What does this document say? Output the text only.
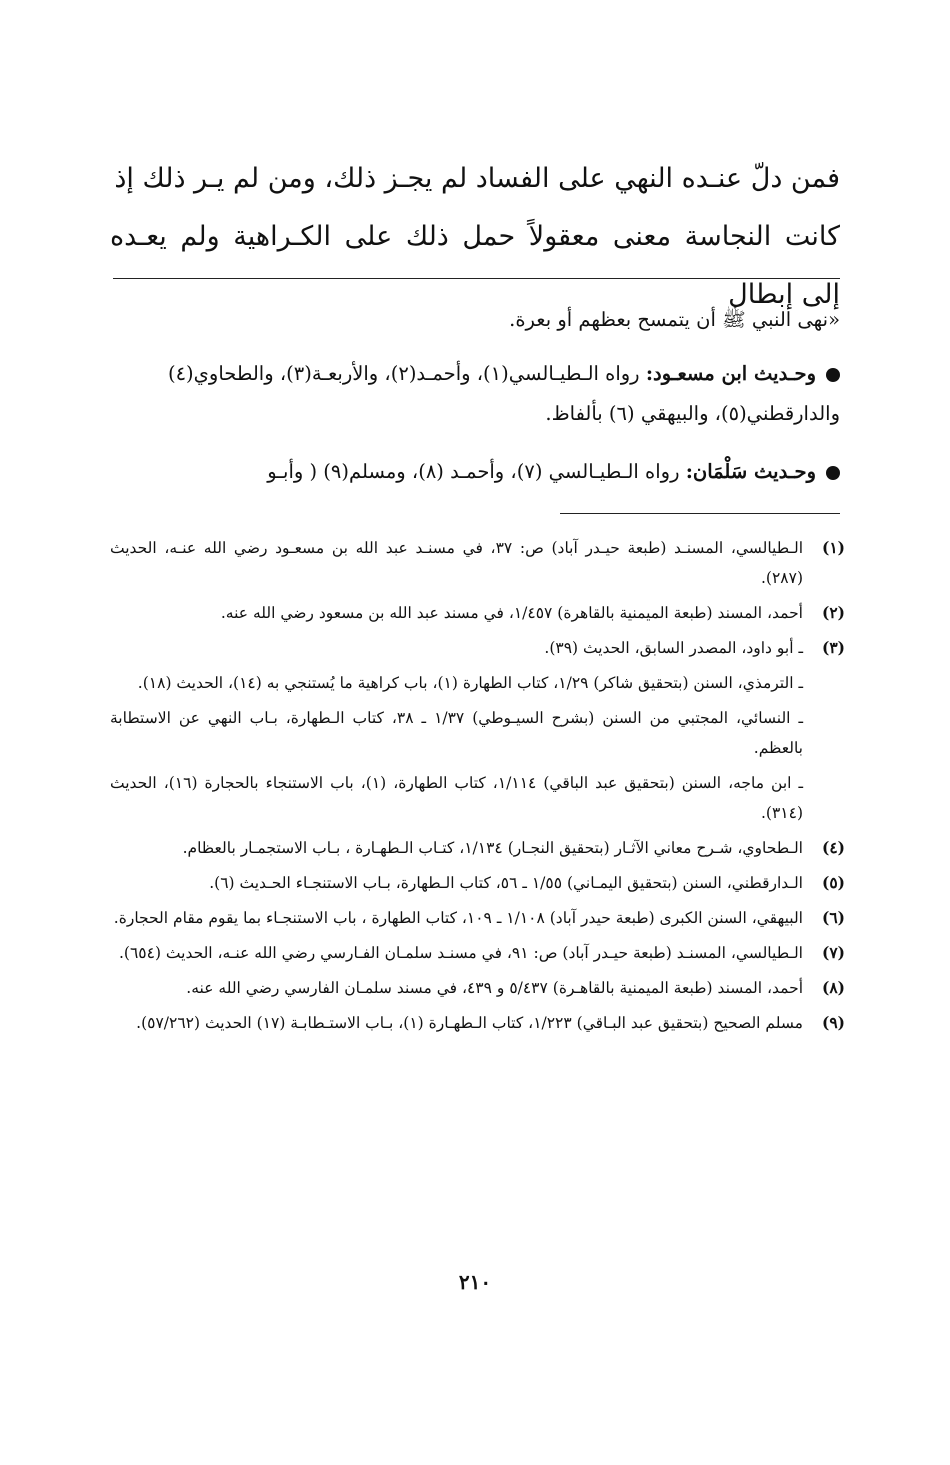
فمن دلّ عنـده النهي على الفساد لم يجـز ذلك، ومن لم يـر ذلك إذ

كانت النجاسة معنى معقولاً حمل ذلك على الكـراهية ولم يعـده إلى إبطال

«نهى النبي ﷺ أن يتمسح بعظهم أو بعرة.
وحـديث ابن مسعـود: رواه الـطيـالسي(١)، وأحمـد(٢)، والأربعـة(٣)، والطحاوي(٤) والدارقطني(٥)، والبيهقي (٦) بألفاظ.
وحـديث سَلْمَان: رواه الـطيـالسي (٧)، وأحمـد (٨)، ومسلم(٩) ( وأبـو
(١)
الـطيالسي، المسنـد (طبعة حيـدر آباد) ص: ٣٧، في مسنـد عبد الله بن مسعـود رضي الله عنـه، الحديث (٢٨٧).
(٢)
أحمد، المسند (طبعة الميمنية بالقاهرة) ١/٤٥٧، في مسند عبد الله بن مسعود رضي الله عنه.
(٣)
ـ أبو داود، المصدر السابق، الحديث (٣٩).
ـ الترمذي، السنن (بتحقيق شاكر) ١/٢٩، كتاب الطهارة (١)، باب كراهية ما يُستنجي به (١٤)، الحديث (١٨).
ـ النسائي، المجتبي من السنن (بشرح السيـوطي) ١/٣٧ ـ ٣٨، كتاب الـطهارة، بـاب النهي عن الاستطابة بالعظم.
ـ ابن ماجه، السنن (بتحقيق عبد الباقي) ١/١١٤، كتاب الطهارة، (١)، باب الاستنجاء بالحجارة (١٦)، الحديث (٣١٤).
(٤)
الـطحاوي، شـرح معاني الآثـار (بتحقيق النجـار) ١/١٣٤، كتـاب الـطهـارة ، بـاب الاستجمـار بالعظام.
(٥)
الـدارقطني، السنن (بتحقيق اليمـاني) ١/٥٥ ـ ٥٦، كتاب الـطهارة، بـاب الاستنجـاء الحـديث (٦).
(٦)
البيهقي، السنن الكبرى (طبعة حيدر آباد) ١/١٠٨ ـ ١٠٩، كتاب الطهارة ، باب الاستنجـاء بما يقوم مقام الحجارة.
(٧)
الـطيالسي، المسنـد (طبعة حيـدر آباد) ص: ٩١، في مسنـد سلمـان الفـارسي رضي الله عنـه، الحديث (٦٥٤).
(٨)
أحمد، المسند (طبعة الميمنية بالقاهـرة) ٥/٤٣٧ و ٤٣٩، في مسند سلمـان الفارسي رضي الله عنه.
(٩)
مسلم الصحيح (بتحقيق عبد البـاقي) ١/٢٢٣، كتاب الـطهـارة (١)، بـاب الاستـطابـة (١٧) الحديث (٥٧/٢٦٢).
٢١٠
